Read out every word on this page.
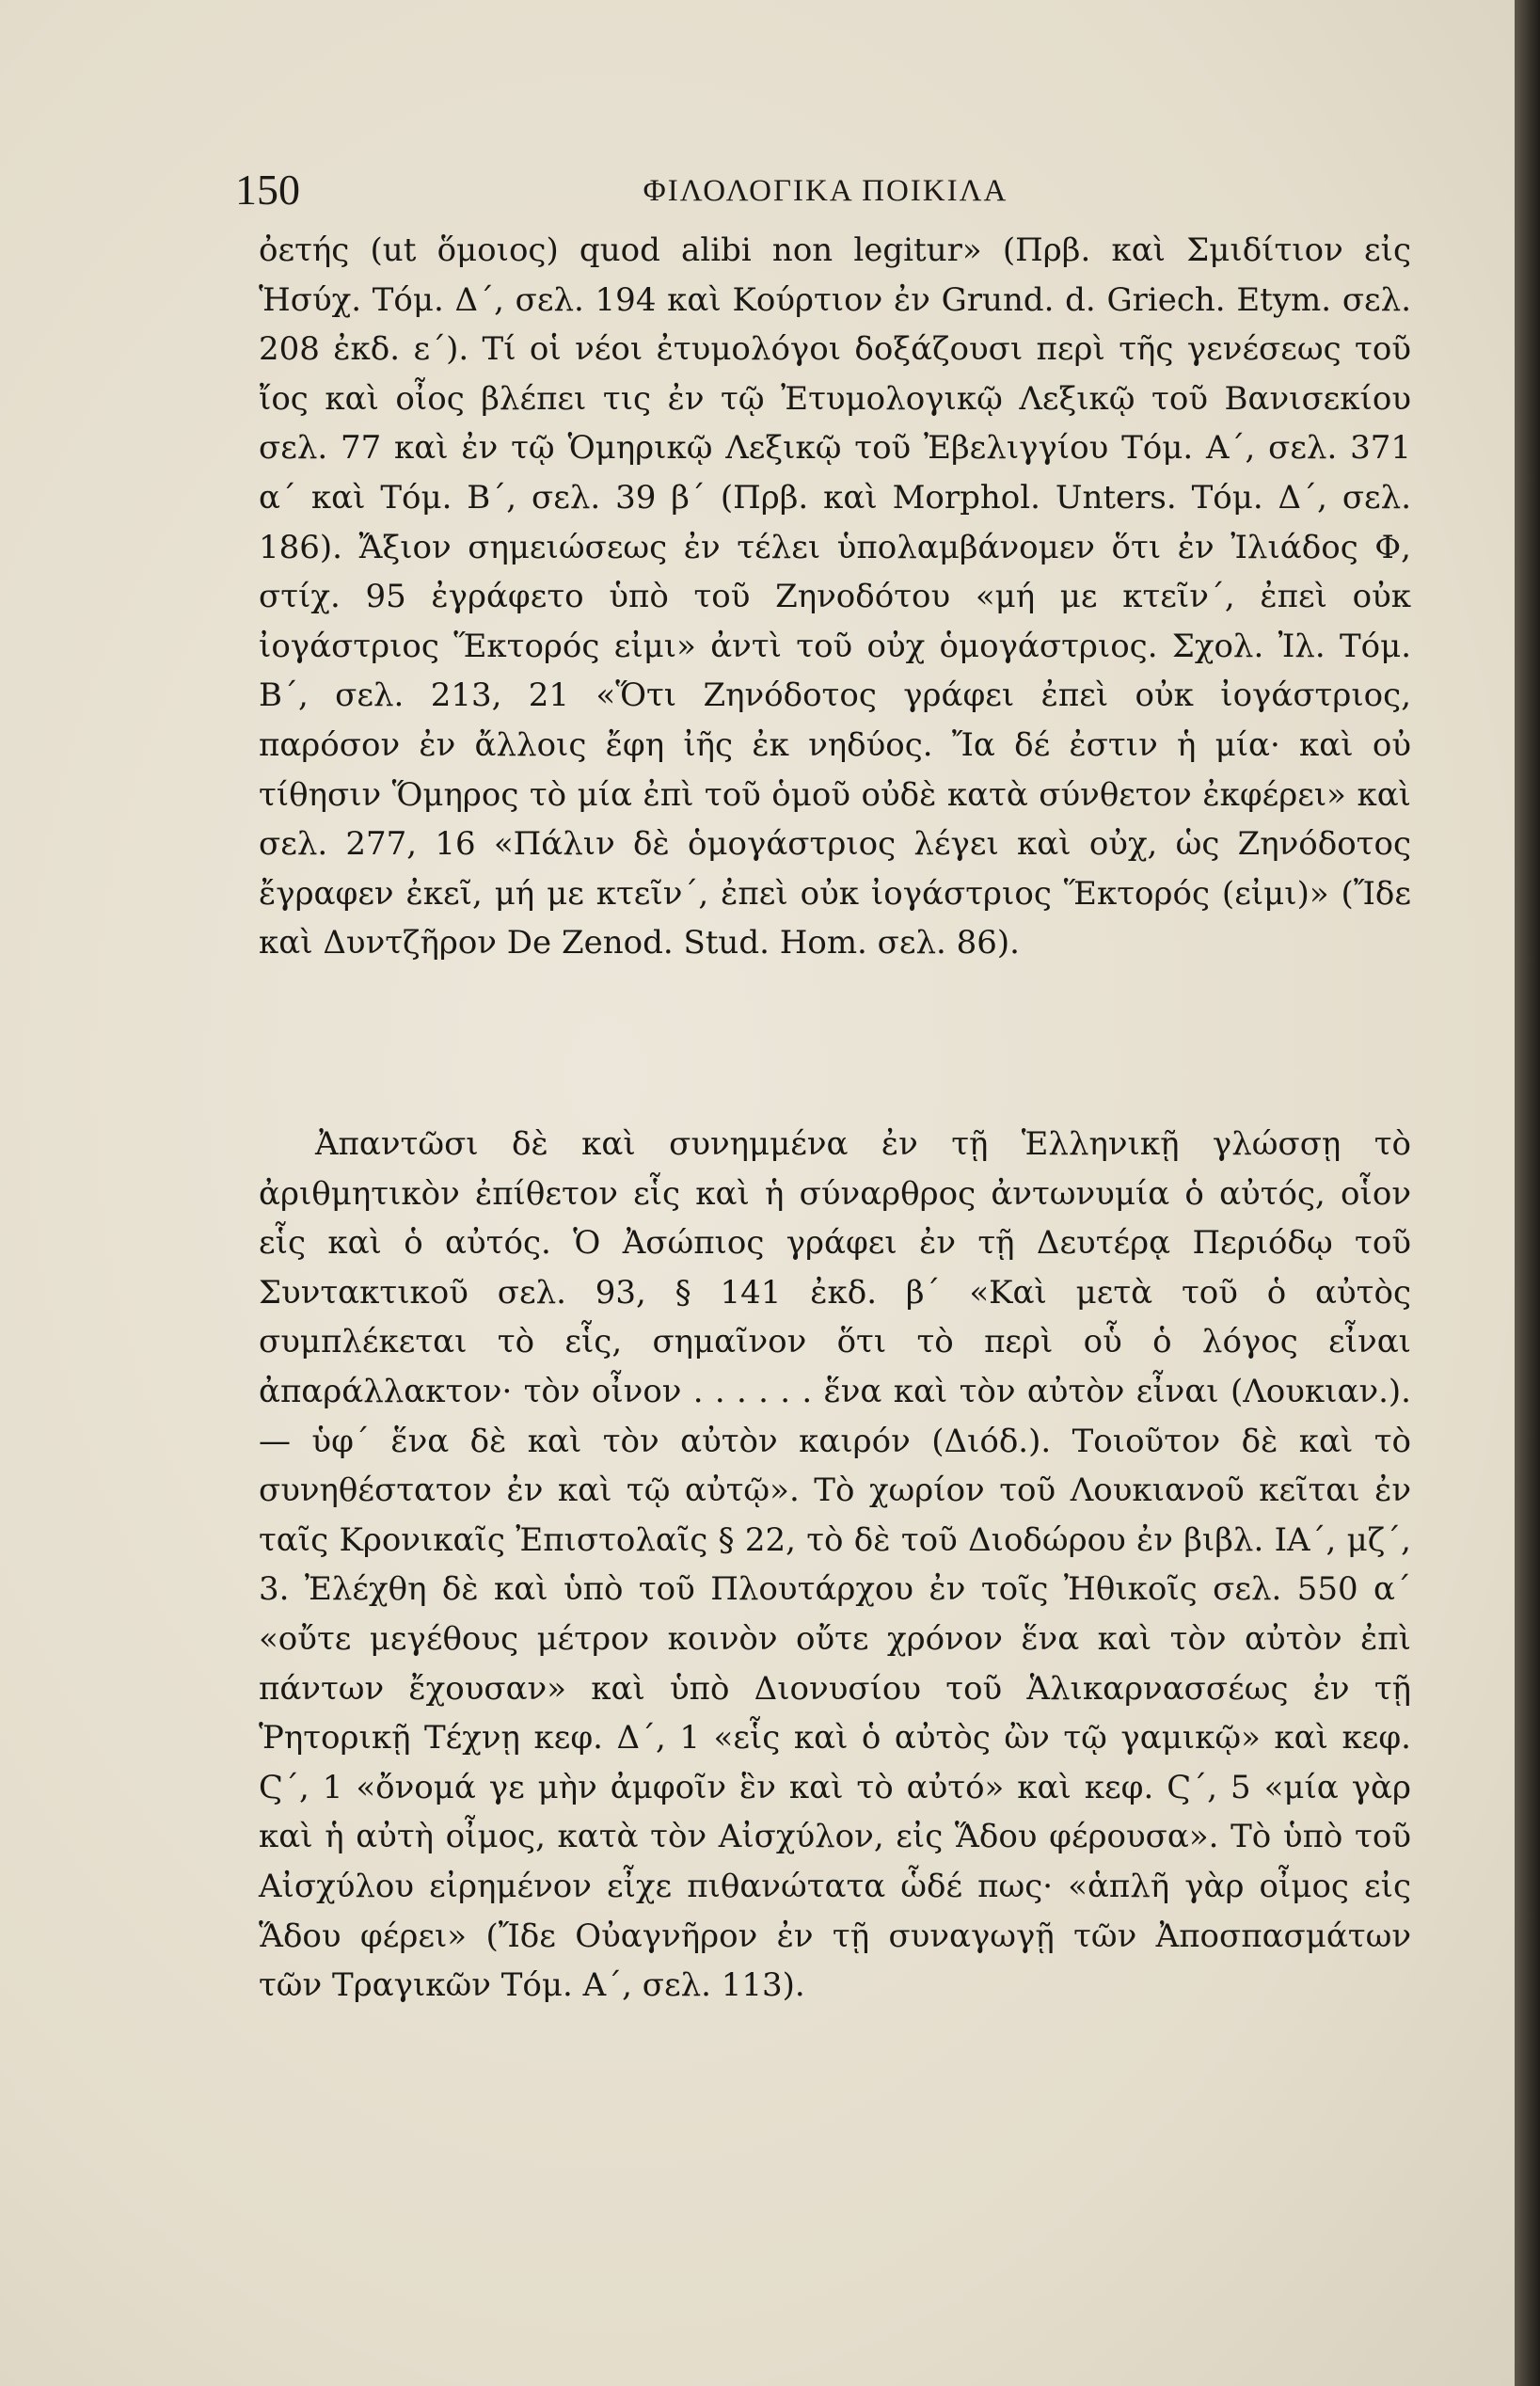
150	ΦΙΛΟΛΟΓΙΚΑ ΠΟΙΚΙΛΑ

ὀετής (ut ὅμοιος) quod alibi non legitur» (Πρβ. καὶ Σμιδίτιον εἰς Ἡσύχ. Τόμ. Δ΄, σελ. 194 καὶ Κούρτιον ἐν Grund. d. Griech. Etym. σελ. 208 ἐκδ. ε΄). Τί οἱ νέοι ἐτυμολόγοι δοξάζουσι περὶ τῆς γενέσεως τοῦ ἴος καὶ οἶος βλέπει τις ἐν τῷ Ἐτυμολογικῷ Λεξικῷ τοῦ Βανισεκίου σελ. 77 καὶ ἐν τῷ Ὁμηρικῷ Λεξικῷ τοῦ Ἐβελιγγίου Τόμ. Α΄, σελ. 371 α΄ καὶ Τόμ. Β΄, σελ. 39 β΄ (Πρβ. καὶ Morphol. Unters. Τόμ. Δ΄, σελ. 186). Ἄξιον σημειώσεως ἐν τέλει ὑπολαμβάνομεν ὅτι ἐν Ἰλιάδος Φ, στίχ. 95 ἐγράφετο ὑπὸ τοῦ Ζηνοδότου «μή με κτεῖν΄, ἐπεὶ οὐκ ἰογάστριος Ἕκτορός εἰμι» ἀντὶ τοῦ οὐχ ὁμογάστριος. Σχολ. Ἰλ. Τόμ. Β΄, σελ. 213, 21 «Ὅτι Ζηνόδοτος γράφει ἐπεὶ οὐκ ἰογάστριος, παρόσον ἐν ἄλλοις ἔφη ἰῆς ἐκ νηδύος. Ἴα δέ ἐστιν ἡ μία· καὶ οὐ τίθησιν Ὅμηρος τὸ μία ἐπὶ τοῦ ὁμοῦ οὐδὲ κατὰ σύνθετον ἐκφέρει» καὶ σελ. 277, 16 «Πάλιν δὲ ὁμογάστριος λέγει καὶ οὐχ, ὡς Ζηνόδοτος ἔγραφεν ἐκεῖ, μή με κτεῖν΄, ἐπεὶ οὐκ ἰογάστριος Ἕκτορός (εἰμι)» (Ἴδε καὶ Δυντζῆρον De Zenod. Stud. Hom. σελ. 86).

Ἀπαντῶσι δὲ καὶ συνημμένα ἐν τῇ Ἑλληνικῇ γλώσσῃ τὸ ἀριθμητικὸν ἐπίθετον εἷς καὶ ἡ σύναρθρος ἀντωνυμία ὁ αὐτός, οἷον εἷς καὶ ὁ αὐτός. Ὁ Ἀσώπιος γράφει ἐν τῇ Δευτέρᾳ Περιόδῳ τοῦ Συντακτικοῦ σελ. 93, § 141 ἐκδ. β΄ «Καὶ μετὰ τοῦ ὁ αὐτὸς συμπλέκεται τὸ εἷς, σημαῖνον ὅτι τὸ περὶ οὗ ὁ λόγος εἶναι ἀπαράλλακτον· τὸν οἶνον . . . . . . ἕνα καὶ τὸν αὐτὸν εἶναι (Λουκιαν.). — ὑφ΄ ἕνα δὲ καὶ τὸν αὐτὸν καιρόν (Διόδ.). Τοιοῦτον δὲ καὶ τὸ συνηθέστατον ἐν καὶ τῷ αὐτῷ». Τὸ χωρίον τοῦ Λουκιανοῦ κεῖται ἐν ταῖς Κρονικαῖς Ἐπιστολαῖς § 22, τὸ δὲ τοῦ Διοδώρου ἐν βιβλ. ΙΑ΄, μζ΄, 3. Ἐλέχθη δὲ καὶ ὑπὸ τοῦ Πλουτάρχου ἐν τοῖς Ἠθικοῖς σελ. 550 α΄ «οὔτε μεγέθους μέτρον κοινὸν οὔτε χρόνον ἕνα καὶ τὸν αὐτὸν ἐπὶ πάντων ἔχουσαν» καὶ ὑπὸ Διονυσίου τοῦ Ἁλικαρνασσέως ἐν τῇ Ῥητορικῇ Τέχνῃ κεφ. Δ΄, 1 «εἷς καὶ ὁ αὐτὸς ὢν τῷ γαμικῷ» καὶ κεφ. Ϛ΄, 1 «ὄνομά γε μὴν ἀμφοῖν ἓν καὶ τὸ αὐτό» καὶ κεφ. Ϛ΄, 5 «μία γὰρ καὶ ἡ αὐτὴ οἶμος, κατὰ τὸν Αἰσχύλον, εἰς Ἅδου φέρουσα». Τὸ ὑπὸ τοῦ Αἰσχύλου εἰρημένον εἶχε πιθανώτατα ὧδέ πως· «ἁπλῆ γὰρ οἶμος εἰς Ἅδου φέρει» (Ἴδε Οὐαγνῆρον ἐν τῇ συναγωγῇ τῶν Ἀποσπασμάτων τῶν Τραγικῶν Τόμ. Α΄, σελ. 113).
